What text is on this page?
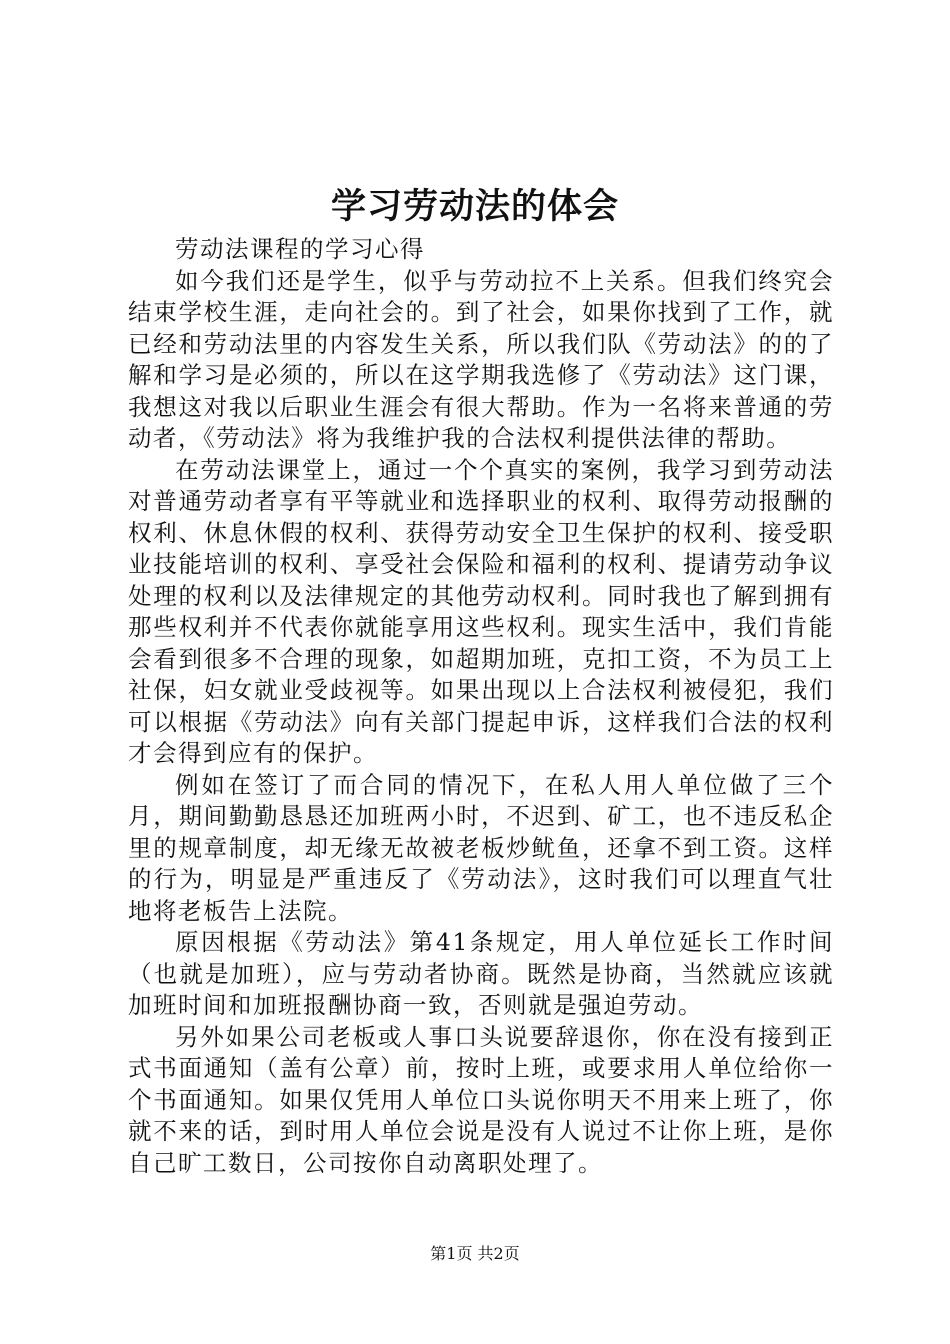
学习劳动法的体会

劳动法课程的学习心得

如今我们还是学生，似乎与劳动拉不上关系。但我们终究会结束学校生涯，走向社会的。到了社会，如果你找到了工作，就已经和劳动法里的内容发生关系，所以我们队《劳动法》的的了解和学习是必须的，所以在这学期我选修了《劳动法》这门课，我想这对我以后职业生涯会有很大帮助。作为一名将来普通的劳动者，《劳动法》将为我维护我的合法权利提供法律的帮助。

在劳动法课堂上，通过一个个真实的案例，我学习到劳动法对普通劳动者享有平等就业和选择职业的权利、取得劳动报酬的权利、休息休假的权利、获得劳动安全卫生保护的权利、接受职业技能培训的权利、享受社会保险和福利的权利、提请劳动争议处理的权利以及法律规定的其他劳动权利。同时我也了解到拥有那些权利并不代表你就能享用这些权利。现实生活中，我们肯能会看到很多不合理的现象，如超期加班，克扣工资，不为员工上社保，妇女就业受歧视等。如果出现以上合法权利被侵犯，我们可以根据《劳动法》向有关部门提起申诉，这样我们合法的权利才会得到应有的保护。

例如在签订了而合同的情况下，在私人用人单位做了三个月，期间勤勤恳恳还加班两小时，不迟到、矿工，也不违反私企里的规章制度，却无缘无故被老板炒鱿鱼，还拿不到工资。这样的行为，明显是严重违反了《劳动法》，这时我们可以理直气壮地将老板告上法院。

原因根据《劳动法》第41条规定，用人单位延长工作时间（也就是加班），应与劳动者协商。既然是协商，当然就应该就加班时间和加班报酬协商一致，否则就是强迫劳动。

另外如果公司老板或人事口头说要辞退你，你在没有接到正式书面通知（盖有公章）前，按时上班，或要求用人单位给你一个书面通知。如果仅凭用人单位口头说你明天不用来上班了，你就不来的话，到时用人单位会说是没有人说过不让你上班，是你自己旷工数日，公司按你自动离职处理了。

第1页 共2页
